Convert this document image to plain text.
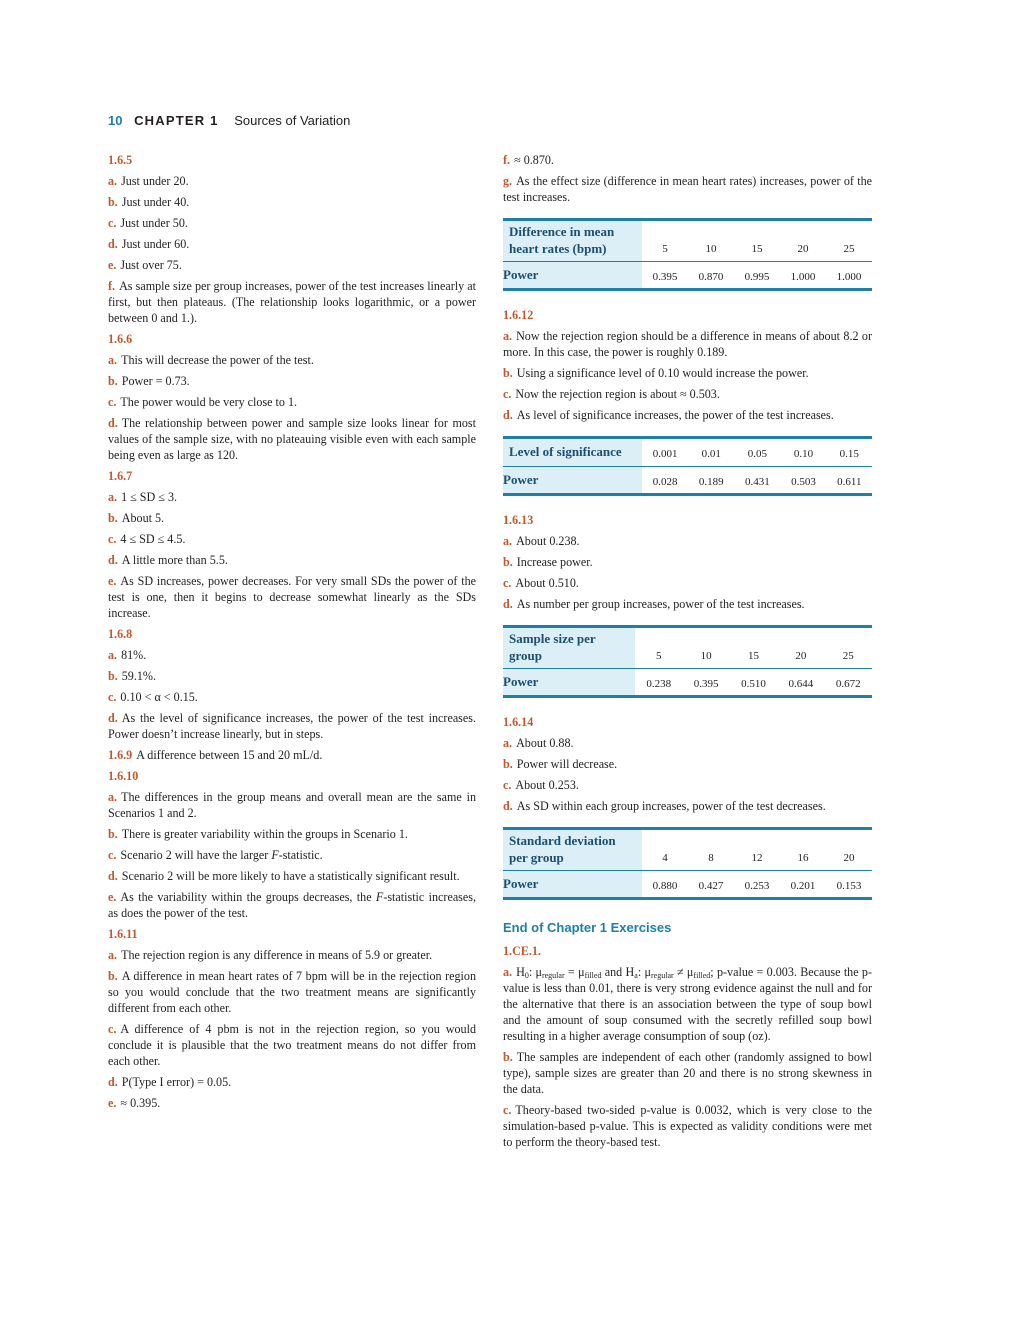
10 CHAPTER 1 Sources of Variation
1.6.5
a. Just under 20.
b. Just under 40.
c. Just under 50.
d. Just under 60.
e. Just over 75.
f. As sample size per group increases, power of the test increases linearly at first, but then plateaus. (The relationship looks logarithmic, or a power between 0 and 1.).
1.6.6
a. This will decrease the power of the test.
b. Power = 0.73.
c. The power would be very close to 1.
d. The relationship between power and sample size looks linear for most values of the sample size, with no plateauing visible even with each sample being even as large as 120.
1.6.7
a. 1 ≤ SD ≤ 3.
b. About 5.
c. 4 ≤ SD ≤ 4.5.
d. A little more than 5.5.
e. As SD increases, power decreases. For very small SDs the power of the test is one, then it begins to decrease somewhat linearly as the SDs increase.
1.6.8
a. 81%.
b. 59.1%.
c. 0.10 < α < 0.15.
d. As the level of significance increases, the power of the test increases. Power doesn’t increase linearly, but in steps.
1.6.9 A difference between 15 and 20 mL/d.
1.6.10
a. The differences in the group means and overall mean are the same in Scenarios 1 and 2.
b. There is greater variability within the groups in Scenario 1.
c. Scenario 2 will have the larger F-statistic.
d. Scenario 2 will be more likely to have a statistically significant result.
e. As the variability within the groups decreases, the F-statistic increases, as does the power of the test.
1.6.11
a. The rejection region is any difference in means of 5.9 or greater.
b. A difference in mean heart rates of 7 bpm will be in the rejection region so you would conclude that the two treatment means are significantly different from each other.
c. A difference of 4 pbm is not in the rejection region, so you would conclude it is plausible that the two treatment means do not differ from each other.
d. P(Type I error) = 0.05.
e. ≈ 0.395.
f. ≈ 0.870.
g. As the effect size (difference in mean heart rates) increases, power of the test increases.
Difference in mean heart rates (bpm)	5	10	15	20	25
Power	0.395	0.870	0.995	1.000	1.000
1.6.12
a. Now the rejection region should be a difference in means of about 8.2 or more. In this case, the power is roughly 0.189.
b. Using a significance level of 0.10 would increase the power.
c. Now the rejection region is about ≈ 0.503.
d. As level of significance increases, the power of the test increases.
Level of significance	0.001	0.01	0.05	0.10	0.15
Power	0.028	0.189	0.431	0.503	0.611
1.6.13
a. About 0.238.
b. Increase power.
c. About 0.510.
d. As number per group increases, power of the test increases.
Sample size per group	5	10	15	20	25
Power	0.238	0.395	0.510	0.644	0.672
1.6.14
a. About 0.88.
b. Power will decrease.
c. About 0.253.
d. As SD within each group increases, power of the test decreases.
Standard deviation per group	4	8	12	16	20
Power	0.880	0.427	0.253	0.201	0.153
End of Chapter 1 Exercises
1.CE.1.
a. $H_0$: $\mu_{regular} = \mu_{filled}$ and $H_a$: $\mu_{regular} \ne \mu_{filled}$; p-value = 0.003. Because the p-value is less than 0.01, there is very strong evidence against the null and for the alternative that there is an association between the type of soup bowl and the amount of soup consumed with the secretly refilled soup bowl resulting in a higher average consumption of soup (oz).
b. The samples are independent of each other (randomly assigned to bowl type), sample sizes are greater than 20 and there is no strong skewness in the data.
c. Theory-based two-sided p-value is 0.0032, which is very close to the simulation-based p-value. This is expected as validity conditions were met to perform the theory-based test.
